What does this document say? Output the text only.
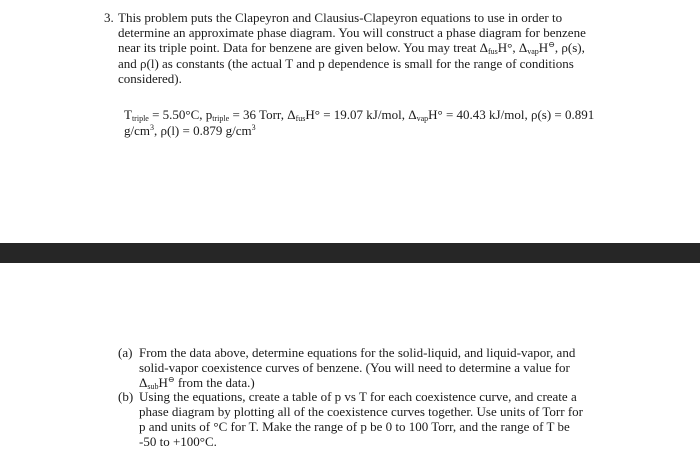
3. This problem puts the Clapeyron and Clausius-Clapeyron equations to use in order to determine an approximate phase diagram. You will construct a phase diagram for benzene near its triple point. Data for benzene are given below. You may treat $\Delta_{fus}H^\circ$, $\Delta_{vap}H^⊖$, ρ(s), and ρ(l) as constants (the actual T and p dependence is small for the range of conditions considered).
$T_{triple} = 5.50^\circ C$, $p_{triple} = 36$ Torr, $\Delta_{fus}H^\circ = 19.07$ kJ/mol, $\Delta_{vap}H^\circ = 40.43$ kJ/mol, ρ(s) = 0.891 $g/cm^3$, ρ(l) = 0.879 $g/cm^3$
(a) From the data above, determine equations for the solid-liquid, and liquid-vapor, and solid-vapor coexistence curves of benzene. (You will need to determine a value for $\Delta_{sub}H^⊖$ from the data.)
(b) Using the equations, create a table of p vs T for each coexistence curve, and create a phase diagram by plotting all of the coexistence curves together. Use units of Torr for p and units of °C for T. Make the range of p be 0 to 100 Torr, and the range of T be -50 to +100°C.
